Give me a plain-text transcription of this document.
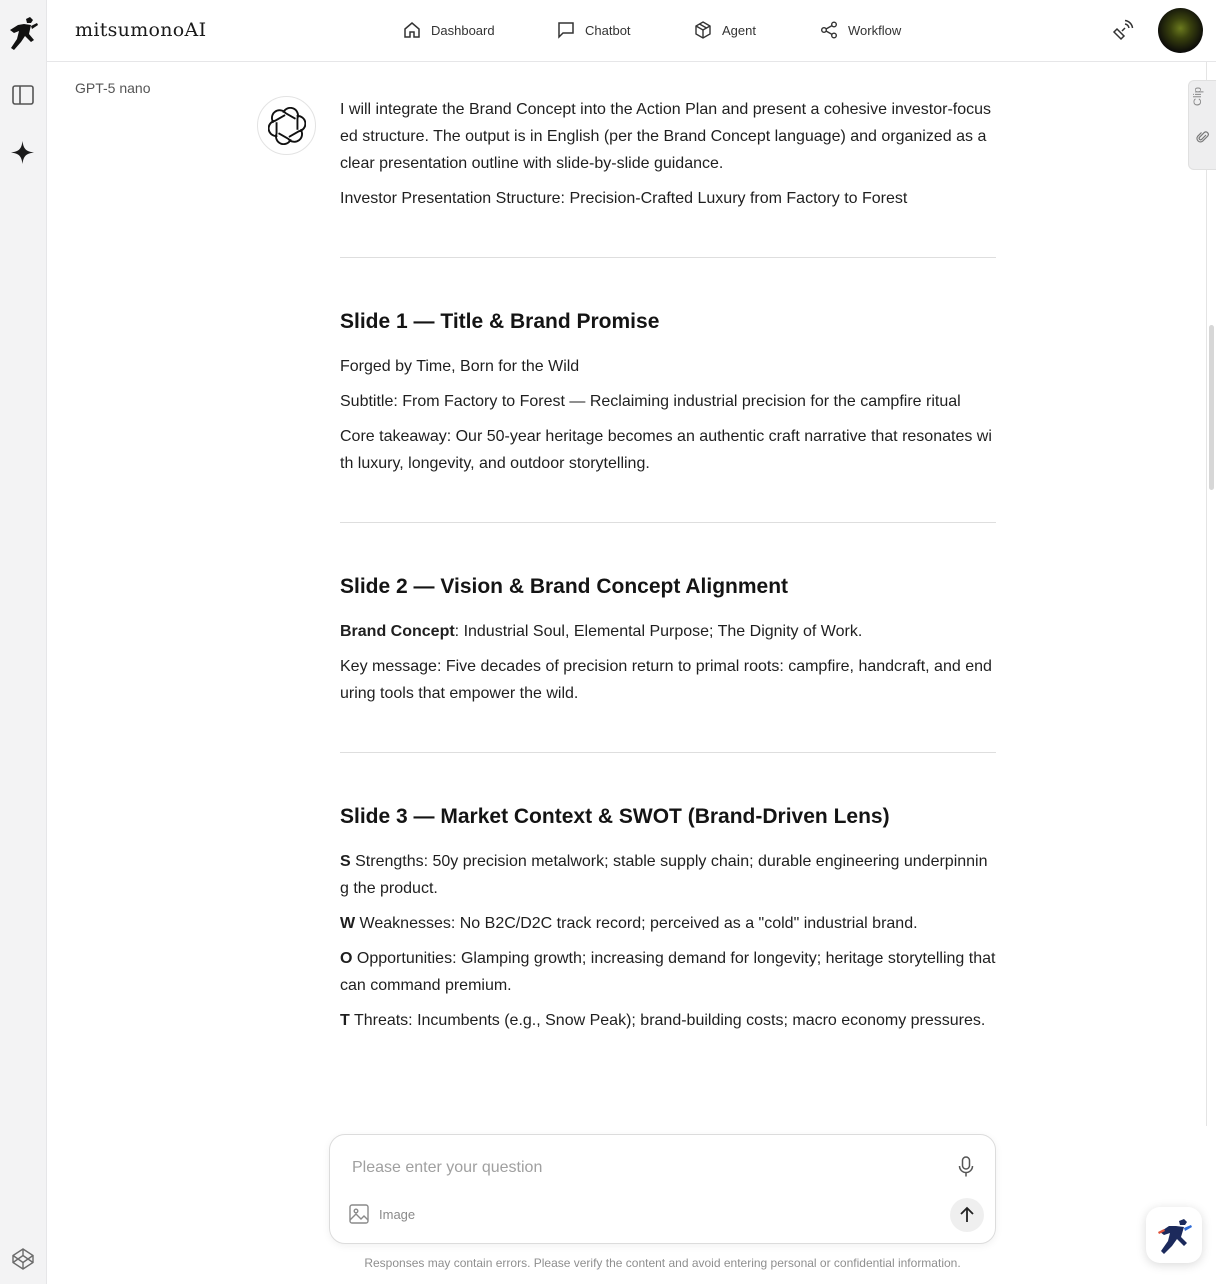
mitsumonoAI	Dashboard	Chatbot	Agent	Workflow
GPT-5 nano

I will integrate the Brand Concept into the Action Plan and present a cohesive investor-focused structure. The output is in English (per the Brand Concept language) and organized as a clear presentation outline with slide-by-slide guidance.

Investor Presentation Structure: Precision-Crafted Luxury from Factory to Forest

Slide 1 — Title & Brand Promise

Forged by Time, Born for the Wild

Subtitle: From Factory to Forest — Reclaiming industrial precision for the campfire ritual

Core takeaway: Our 50-year heritage becomes an authentic craft narrative that resonates with luxury, longevity, and outdoor storytelling.

Slide 2 — Vision & Brand Concept Alignment

Brand Concept: Industrial Soul, Elemental Purpose; The Dignity of Work.

Key message: Five decades of precision return to primal roots: campfire, handcraft, and enduring tools that empower the wild.

Slide 3 — Market Context & SWOT (Brand-Driven Lens)

S Strengths: 50y precision metalwork; stable supply chain; durable engineering underpinning the product.

W Weaknesses: No B2C/D2C track record; perceived as a "cold" industrial brand.

O Opportunities: Glamping growth; increasing demand for longevity; heritage storytelling that can command premium.

T Threats: Incumbents (e.g., Snow Peak); brand-building costs; macro economy pressures.

Clip
Please enter your question
Image
Responses may contain errors. Please verify the content and avoid entering personal or confidential information.
